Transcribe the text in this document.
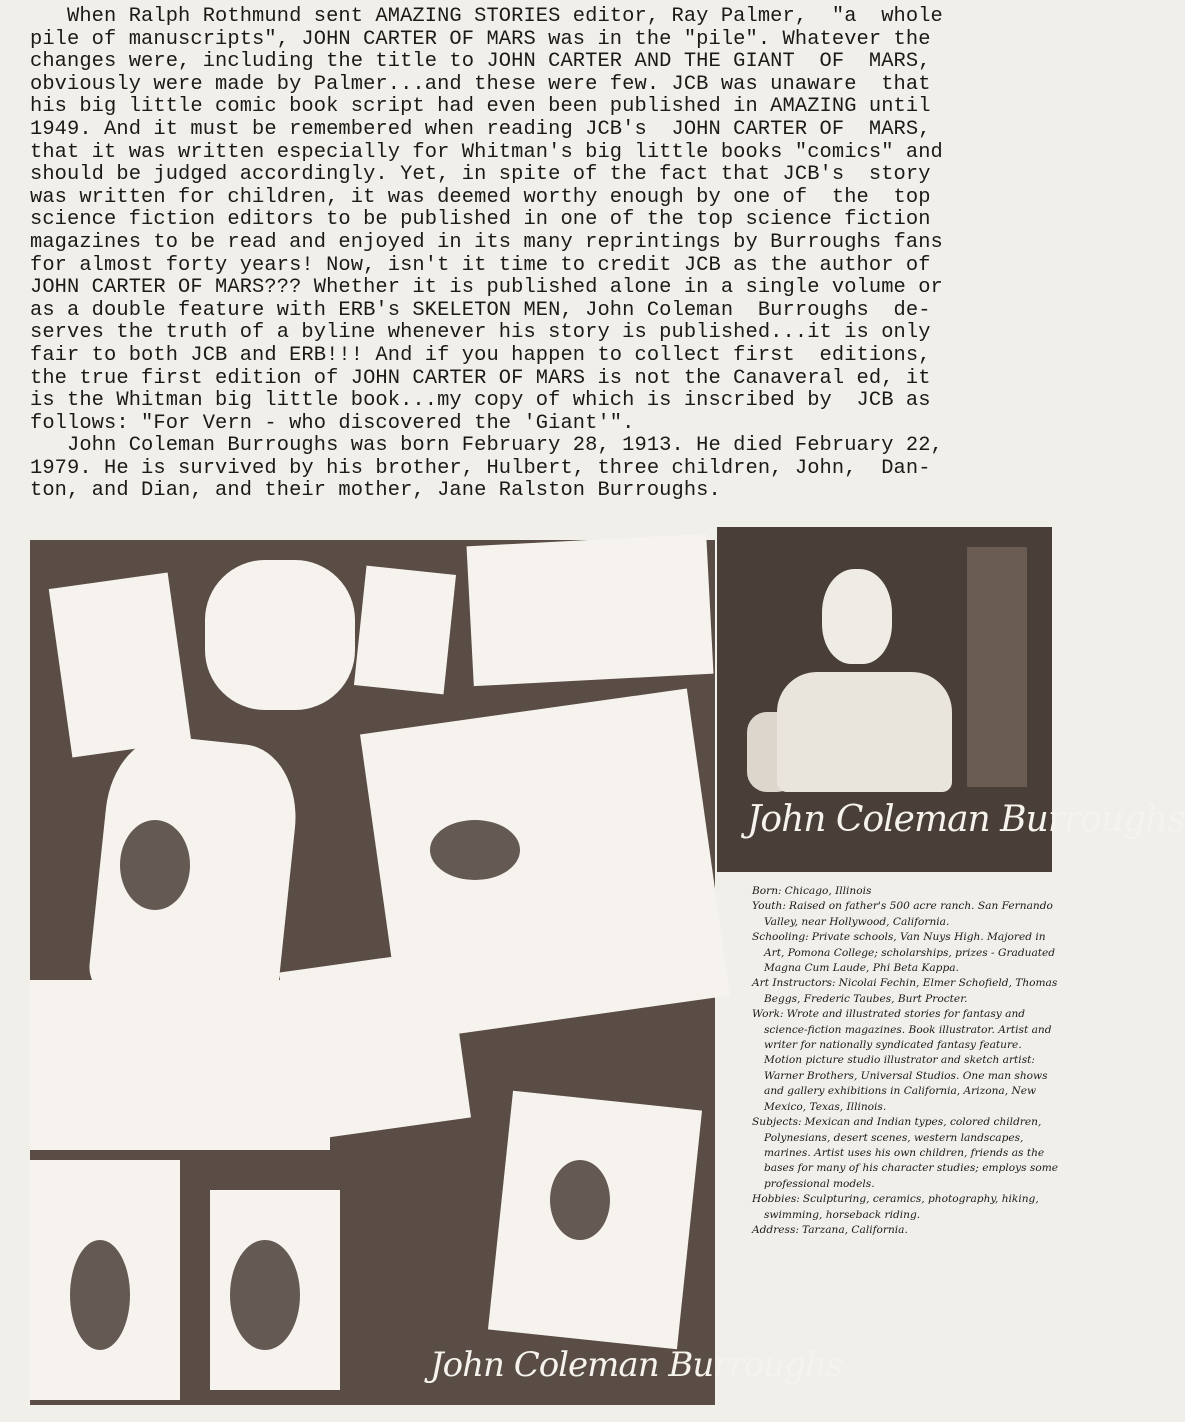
When Ralph Rothmund sent AMAZING STORIES editor, Ray Palmer,  "a  whole
pile of manuscripts", JOHN CARTER OF MARS was in the "pile". Whatever the
changes were, including the title to JOHN CARTER AND THE GIANT  OF  MARS,
obviously were made by Palmer...and these were few. JCB was unaware  that
his big little comic book script had even been published in AMAZING until
1949. And it must be remembered when reading JCB's  JOHN CARTER OF  MARS,
that it was written especially for Whitman's big little books "comics" and
should be judged accordingly. Yet, in spite of the fact that JCB's  story
was written for children, it was deemed worthy enough by one of  the  top
science fiction editors to be published in one of the top science fiction
magazines to be read and enjoyed in its many reprintings by Burroughs fans
for almost forty years! Now, isn't it time to credit JCB as the author of
JOHN CARTER OF MARS??? Whether it is published alone in a single volume or
as a double feature with ERB's SKELETON MEN, John Coleman  Burroughs  de-
serves the truth of a byline whenever his story is published...it is only
fair to both JCB and ERB!!! And if you happen to collect first  editions,
the true first edition of JOHN CARTER OF MARS is not the Canaveral ed, it
is the Whitman big little book...my copy of which is inscribed by  JCB as
follows: "For Vern - who discovered the 'Giant'".
John Coleman Burroughs was born February 28, 1913. He died February 22,
1979. He is survived by his brother, Hulbert, three children, John,  Dan-
ton, and Dian, and their mother, Jane Ralston Burroughs.
John Coleman Burroughs
John Coleman Burroughs

Born: Chicago, Illinois

Youth: Raised on father's 500 acre ranch. San Fernando Valley, near Hollywood, California.

Schooling: Private schools, Van Nuys High. Majored in Art, Pomona College; scholarships, prizes - Graduated Magna Cum Laude, Phi Beta Kappa.

Art Instructors: Nicolai Fechin, Elmer Schofield, Thomas Beggs, Frederic Taubes, Burt Procter.

Work: Wrote and illustrated stories for fantasy and science-fiction magazines. Book illustrator. Artist and writer for nationally syndicated fantasy feature. Motion picture studio illustrator and sketch artist: Warner Brothers, Universal Studios. One man shows and gallery exhibitions in California, Arizona, New Mexico, Texas, Illinois.

Subjects: Mexican and Indian types, colored children, Polynesians, desert scenes, western landscapes, marines. Artist uses his own children, friends as the bases for many of his character studies; employs some professional models.

Hobbies: Sculpturing, ceramics, photography, hiking, swimming, horseback riding.

Address: Tarzana, California.
